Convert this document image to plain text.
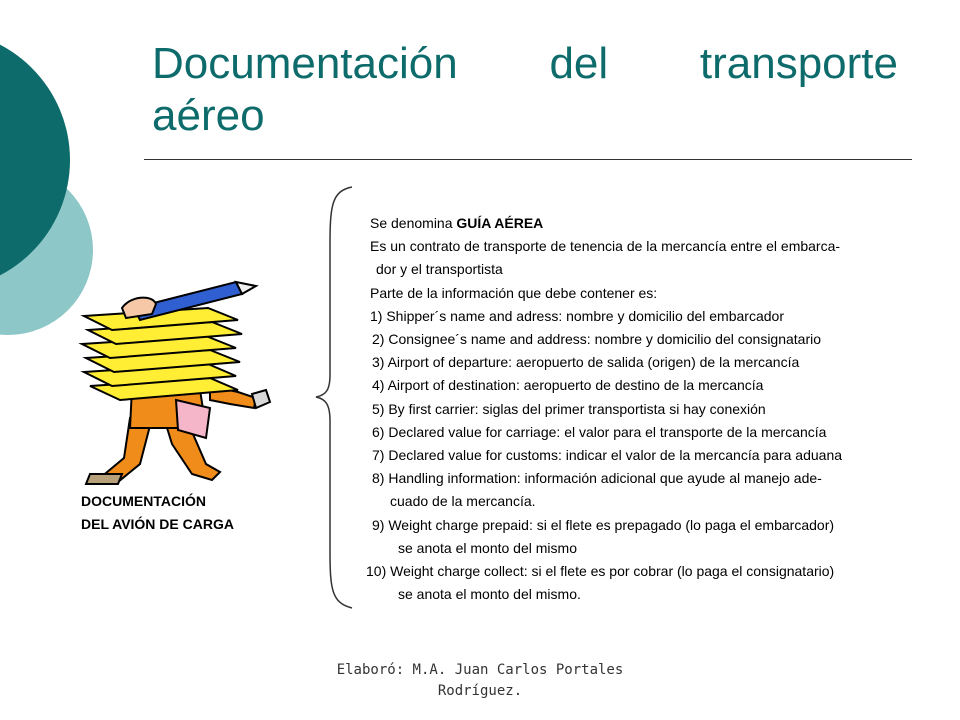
Documentación del transporte
aéreo
DOCUMENTACIÓN
DEL AVIÓN DE CARGA
Se denomina GUÍA AÉREA
Es un contrato de transporte de tenencia de la mercancía entre el embarca-
dor y el transportista
Parte de la información que debe contener es:
1) Shipper´s name and adress: nombre y domicilio del embarcador
2) Consignee´s name and address: nombre y domicilio del consignatario
3) Airport of departure: aeropuerto de salida (origen) de la mercancía
4) Airport of destination: aeropuerto de destino de la mercancía
5) By first carrier: siglas del primer transportista si hay conexión
6) Declared value for carriage: el valor para el transporte de la mercancía
7) Declared value for customs: indicar el valor de la mercancía para aduana
8) Handling information: información adicional que ayude al manejo ade-
cuado de la mercancía.
9) Weight charge prepaid: si el flete es prepagado (lo paga el embarcador)
se anota el monto del mismo
10) Weight charge collect: si el flete es por cobrar (lo paga el consignatario)
se anota el monto del mismo.
Elaboró: M.A. Juan Carlos Portales
Rodríguez.
